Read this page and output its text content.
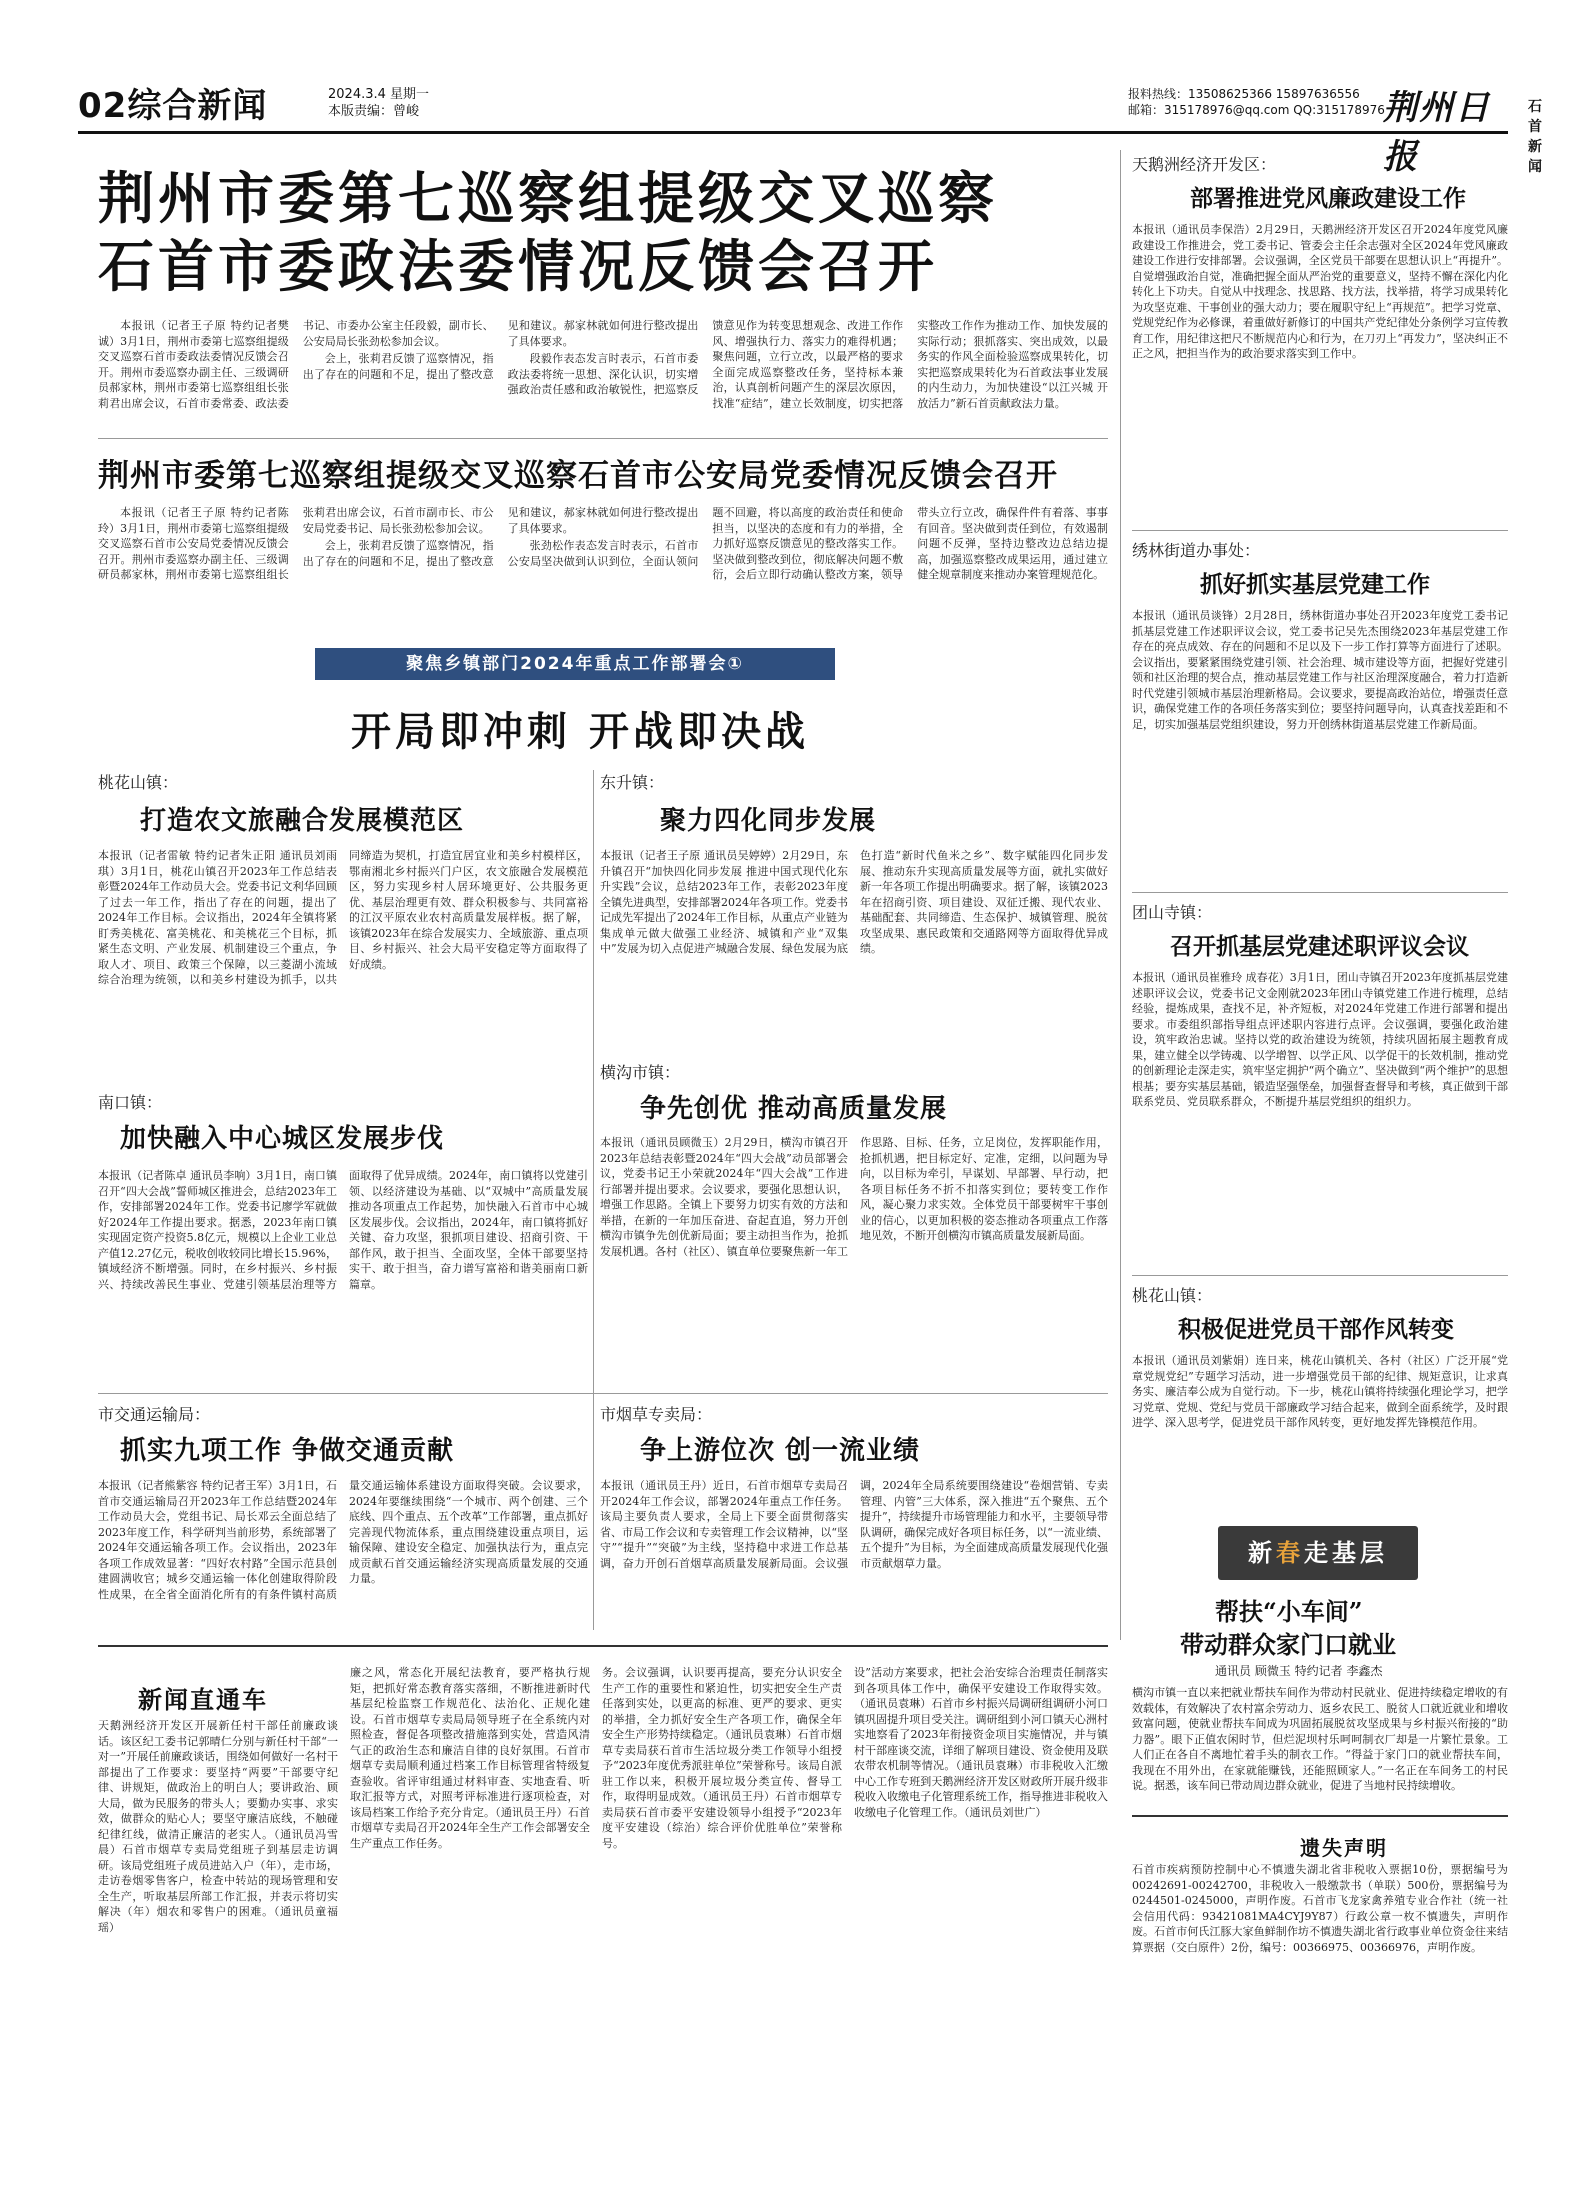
02综合新闻	2024.3.4 星期一
本版责编：曾峻
报料热线：13508625366 15897636556
邮箱：315178976@qq.com QQ:315178976
荆州日报
石首新闻
荆州市委第七巡察组提级交叉巡察
石首市委政法委情况反馈会召开

本报讯（记者王子原 特约记者樊诚）3月1日，荆州市委第七巡察组提级交叉巡察石首市委政法委情况反馈会召开。荆州市委巡察办副主任、三级调研员郝家林，荆州市委第七巡察组组长张莉君出席会议，石首市委常委、政法委书记、市委办公室主任段毅，副市长、公安局局长张劲松参加会议。

会上，张莉君反馈了巡察情况，指出了存在的问题和不足，提出了整改意见和建议。郝家林就如何进行整改提出了具体要求。

段毅作表态发言时表示，石首市委政法委将统一思想、深化认识，切实增强政治责任感和政治敏锐性，把巡察反馈意见作为转变思想观念、改进工作作风、增强执行力、落实力的难得机遇；聚焦问题，立行立改，以最严格的要求全面完成巡察整改任务，坚持标本兼治，认真剖析问题产生的深层次原因，找准“症结”，建立长效制度，切实把落实整改工作作为推动工作、加快发展的实际行动；狠抓落实、突出成效，以最务实的作风全面检验巡察成果转化，切实把巡察成果转化为石首政法事业发展的内生动力，为加快建设“以江兴城 开放活力”新石首贡献政法力量。

荆州市委第七巡察组提级交叉巡察石首市公安局党委情况反馈会召开

本报讯（记者王子原 特约记者陈玲）3月1日，荆州市委第七巡察组提级交叉巡察石首市公安局党委情况反馈会召开。荆州市委巡察办副主任、三级调研员郝家林，荆州市委第七巡察组组长张莉君出席会议，石首市副市长、市公安局党委书记、局长张劲松参加会议。

会上，张莉君反馈了巡察情况，指出了存在的问题和不足，提出了整改意见和建议，郝家林就如何进行整改提出了具体要求。

张劲松作表态发言时表示，石首市公安局坚决做到认识到位，全面认领问题不回避，将以高度的政治责任和使命担当，以坚决的态度和有力的举措，全力抓好巡察反馈意见的整改落实工作。坚决做到整改到位，彻底解决问题不敷衍，会后立即行动确认整改方案，领导带头立行立改，确保件件有着落、事事有回音。坚决做到责任到位，有效遏制问题不反弹，坚持边整改边总结边提高，加强巡察整改成果运用，通过建立健全规章制度来推动办案管理规范化。

聚焦乡镇部门2024年重点工作部署会①
开局即冲刺 开战即决战
桃花山镇：
打造农文旅融合发展模范区
本报讯（记者雷敏 特约记者朱正阳 通讯员刘雨琪）3月1日，桃花山镇召开2023年工作总结表彰暨2024年工作动员大会。党委书记文利华回顾了过去一年工作，指出了存在的问题，提出了2024年工作目标。会议指出，2024年全镇将紧盯秀美桃花、富美桃花、和美桃花三个目标，抓紧生态文明、产业发展、机制建设三个重点，争取人才、项目、政策三个保障，以三菱湖小流域综合治理为统领，以和美乡村建设为抓手，以共同缔造为契机，打造宜居宜业和美乡村模样区，鄂南湘北乡村振兴门户区，农文旅融合发展模范区，努力实现乡村人居环境更好、公共服务更优、基层治理更有效、群众积极参与、共同富裕的江汉平原农业农村高质量发展样板。据了解，该镇2023年在综合发展实力、全域旅游、重点项目、乡村振兴、社会大局平安稳定等方面取得了好成绩。
东升镇：
聚力四化同步发展
本报讯（记者王子原 通讯员吴婷婷）2月29日，东升镇召开“加快四化同步发展 推进中国式现代化东升实践”会议，总结2023年工作，表彰2023年度全镇先进典型，安排部署2024年各项工作。党委书记成先军提出了2024年工作目标，从重点产业链为集成单元做大做强工业经济、城镇和产业“双集中”发展为切入点促进产城融合发展、绿色发展为底色打造“新时代鱼米之乡”、数字赋能四化同步发展、推动东升实现高质量发展等方面，就扎实做好新一年各项工作提出明确要求。据了解，该镇2023年在招商引资、项目建设、双征迁搬、现代农业、基础配套、共同缔造、生态保护、城镇管理、脱贫攻坚成果、惠民政策和交通路网等方面取得优异成绩。
南口镇：
加快融入中心城区发展步伐
本报讯（记者陈卓 通讯员李响）3月1日，南口镇召开“四大会战”誓师城区推进会，总结2023年工作，安排部署2024年工作。党委书记廖学军就做好2024年工作提出要求。据悉，2023年南口镇实现固定资产投资5.8亿元，规模以上企业工业总产值12.27亿元，税收创收较同比增长15.96%，镇域经济不断增强。同时，在乡村振兴、乡村振兴、持续改善民生事业、党建引领基层治理等方面取得了优异成绩。2024年，南口镇将以党建引领、以经济建设为基础、以“双城中”高质量发展推动各项重点工作起势，加快融入石首市中心城区发展步伐。会议指出，2024年，南口镇将抓好关键、奋力攻坚，狠抓项目建设、招商引资、干部作风，敢于担当、全面攻坚，全体干部要坚持实干、敢于担当，奋力谱写富裕和谐美丽南口新篇章。
横沟市镇：
争先创优 推动高质量发展
本报讯（通讯员顾微玉）2月29日，横沟市镇召开2023年总结表彰暨2024年“四大会战”动员部署会议，党委书记王小荣就2024年“四大会战”工作进行部署并提出要求。会议要求，要强化思想认识，增强工作思路。全镇上下要努力切实有效的方法和举措，在新的一年加压奋进、奋起直追，努力开创横沟市镇争先创优新局面；要主动担当作为，抢抓发展机遇。各村（社区）、镇直单位要聚焦新一年工作思路、目标、任务，立足岗位，发挥职能作用，抢抓机遇，把目标定好、定准，定细，以问题为导向，以目标为牵引，早谋划、早部署、早行动，把各项目标任务不折不扣落实到位；要转变工作作风，凝心聚力求实效。全体党员干部要树牢干事创业的信心，以更加积极的姿态推动各项重点工作落地见效，不断开创横沟市镇高质量发展新局面。
市交通运输局：
抓实九项工作 争做交通贡献
本报讯（记者熊紫容 特约记者王军）3月1日，石首市交通运输局召开2023年工作总结暨2024年工作动员大会，党组书记、局长邓云全面总结了2023年度工作，科学研判当前形势，系统部署了2024年交通运输各项工作。会议指出，2023年各项工作成效显著：“四好农村路”全国示范县创建圆满收官；城乡交通运输一体化创建取得阶段性成果，在全省全面消化所有的有条件镇村高质量交通运输体系建设方面取得突破。会议要求，2024年要继续围绕“一个城市、两个创建、三个底线、四个重点、五个改革”工作部署，重点抓好完善现代物流体系，重点围绕建设重点项目，运输保障、建设安全稳定、加强执法行为，重点完成贡献石首交通运输经济实现高质量发展的交通力量。
市烟草专卖局：
争上游位次 创一流业绩
本报讯（通讯员王丹）近日，石首市烟草专卖局召开2024年工作会议，部署2024年重点工作任务。该局主要负责人要求，全局上下要全面贯彻落实省、市局工作会议和专卖管理工作会议精神，以“坚守”“提升”“突破”为主线，坚持稳中求进工作总基调，奋力开创石首烟草高质量发展新局面。会议强调，2024年全局系统要围绕建设“卷烟营销、专卖管理、内管”三大体系，深入推进“五个聚焦、五个提升”，持续提升市场管理能力和水平，主要领导带队调研，确保完成好各项目标任务，以“一流业绩、五个提升”为目标，为全面建成高质量发展现代化强市贡献烟草力量。
天鹅洲经济开发区：
部署推进党风廉政建设工作
本报讯（通讯员李保浩）2月29日，天鹅洲经济开发区召开2024年度党风廉政建设工作推进会，党工委书记、管委会主任余志强对全区2024年党风廉政建设工作进行安排部署。会议强调，全区党员干部要在思想认识上“再提升”。自觉增强政治自觉，准确把握全面从严治党的重要意义，坚持不懈在深化内化转化上下功夫。自觉从中找理念、找思路、找方法，找举措，将学习成果转化为攻坚克难、干事创业的强大动力；要在履职守纪上“再规范”。把学习党章、党规党纪作为必修课，着重做好新修订的中国共产党纪律处分条例学习宣传教育工作，用纪律这把尺不断规范内心和行为，在刀刃上“再发力”，坚决纠正不正之风，把担当作为的政治要求落实到工作中。
绣林街道办事处：
抓好抓实基层党建工作
本报讯（通讯员谈锋）2月28日，绣林街道办事处召开2023年度党工委书记抓基层党建工作述职评议会议，党工委书记吴先杰围绕2023年基层党建工作存在的亮点成效、存在的问题和不足以及下一步工作打算等方面进行了述职。会议指出，要紧紧围绕党建引领、社会治理、城市建设等方面，把握好党建引领和社区治理的契合点，推动基层党建工作与社区治理深度融合，着力打造新时代党建引领城市基层治理新格局。会议要求，要提高政治站位，增强责任意识，确保党建工作的各项任务落实到位；要坚持问题导向，认真查找差距和不足，切实加强基层党组织建设，努力开创绣林街道基层党建工作新局面。
团山寺镇：
召开抓基层党建述职评议会议
本报讯（通讯员崔雅玲 成春花）3月1日，团山寺镇召开2023年度抓基层党建述职评议会议，党委书记文金刚就2023年团山寺镇党建工作进行梳理，总结经验，提炼成果，查找不足，补齐短板，对2024年党建工作进行部署和提出要求。市委组织部指导组点评述职内容进行点评。会议强调，要强化政治建设，筑牢政治忠诚。坚持以党的政治建设为统领，持续巩固拓展主题教育成果，建立健全以学铸魂、以学增智、以学正风、以学促干的长效机制，推动党的创新理论走深走实，筑牢坚定拥护“两个确立”、坚决做到“两个维护”的思想根基；要夯实基层基础，锻造坚强堡垒，加强督查督导和考核，真正做到干部联系党员、党员联系群众，不断提升基层党组织的组织力。
桃花山镇：
积极促进党员干部作风转变
本报讯（通讯员刘紫娟）连日来，桃花山镇机关、各村（社区）广泛开展“党章党规党纪”专题学习活动，进一步增强党员干部的纪律、规矩意识，让求真务实、廉洁奉公成为自觉行动。下一步，桃花山镇将持续强化理论学习，把学习党章、党规、党纪与党员干部廉政学习结合起来，做到全面系统学，及时跟进学、深入思考学，促进党员干部作风转变，更好地发挥先锋模范作用。
新春走基层
帮扶“小车间”
带动群众家门口就业
通讯员 顾微玉 特约记者 李鑫杰
横沟市镇一直以来把就业帮扶车间作为带动村民就业、促进持续稳定增收的有效载体，有效解决了农村富余劳动力、返乡农民工、脱贫人口就近就业和增收致富问题，使就业帮扶车间成为巩固拓展脱贫攻坚成果与乡村振兴衔接的“助力器”。眼下正值农闲时节，但烂泥坝村乐呵呵制衣厂却是一片繁忙景象。工人们正在各自不离地忙着手头的制衣工作。“得益于家门口的就业帮扶车间，我现在不用外出，在家就能赚钱，还能照顾家人。”一名正在车间务工的村民说。据悉，该车间已带动周边群众就业，促进了当地村民持续增收。
新闻直通车
天鹅洲经济开发区开展新任村干部任前廉政谈话。该区纪工委书记郭晴仁分别与新任村干部“一对一”开展任前廉政谈话，围绕如何做好一名村干部提出了工作要求：要坚持“两要”干部要守纪律、讲规矩，做政治上的明白人；要讲政治、顾大局，做为民服务的带头人；要勤办实事、求实效，做群众的贴心人；要坚守廉洁底线，不触碰纪律红线，做清正廉洁的老实人。（通讯员冯雪晨）石首市烟草专卖局党组班子到基层走访调研。该局党组班子成员进站入户（年），走市场，走访卷烟零售客户，检查中转站的现场管理和安全生产，听取基层所部工作汇报，并表示将切实解决（年）烟农和零售户的困难。（通讯员童福瑶）
廉之风，常态化开展纪法教育，要严格执行规矩，把抓好常态教育落实落细，不断推进新时代基层纪检监察工作规范化、法治化、正规化建设。石首市烟草专卖局局领导班子在全系统内对照检查，督促各项整改措施落到实处，营造风清气正的政治生态和廉洁自律的良好氛围。石首市烟草专卖局顺利通过档案工作目标管理省特级复查验收。省评审组通过材料审查、实地查看、听取汇报等方式，对照考评标准进行逐项检查，对该局档案工作给予充分肯定。（通讯员王丹）石首市烟草专卖局召开2024年全生产工作会部署安全生产重点工作任务。
务。会议强调，认识要再提高，要充分认识安全生产工作的重要性和紧迫性，切实把安全生产责任落到实处，以更高的标准、更严的要求、更实的举措，全力抓好安全生产各项工作，确保全年安全生产形势持续稳定。（通讯员袁琳）石首市烟草专卖局获石首市生活垃圾分类工作领导小组授予“2023年度优秀派驻单位”荣誉称号。该局自派驻工作以来，积极开展垃圾分类宣传、督导工作，取得明显成效。（通讯员王丹）石首市烟草专卖局获石首市委平安建设领导小组授予“2023年度平安建设（综治）综合评价优胜单位”荣誉称号。
设”活动方案要求，把社会治安综合治理责任制落实到各项具体工作中，确保平安建设工作取得实效。（通讯员袁琳）石首市乡村振兴局调研组调研小河口镇巩固提升项目受关注。调研组到小河口镇天心洲村实地察看了2023年衔接资金项目实施情况，并与镇村干部座谈交流，详细了解项目建设、资金使用及联农带农机制等情况。（通讯员袁琳）市非税收入汇缴中心工作专班到天鹅洲经济开发区财政所开展升级非税收入收缴电子化管理系统工作，指导推进非税收入收缴电子化管理工作。（通讯员刘世广）
遗失声明
石首市疾病预防控制中心不慎遗失湖北省非税收入票据10份，票据编号为00242691-00242700，非税收入一般缴款书（单联）500份，票据编号为0244501-0245000，声明作废。石首市飞龙家禽养殖专业合作社（统一社会信用代码：93421081MA4CYJ9Y87）行政公章一枚不慎遗失，声明作废。石首市何氏江豚大家鱼鲜制作坊不慎遗失湖北省行政事业单位资金往来结算票据（交白原件）2份，编号：00366975、00366976，声明作废。
